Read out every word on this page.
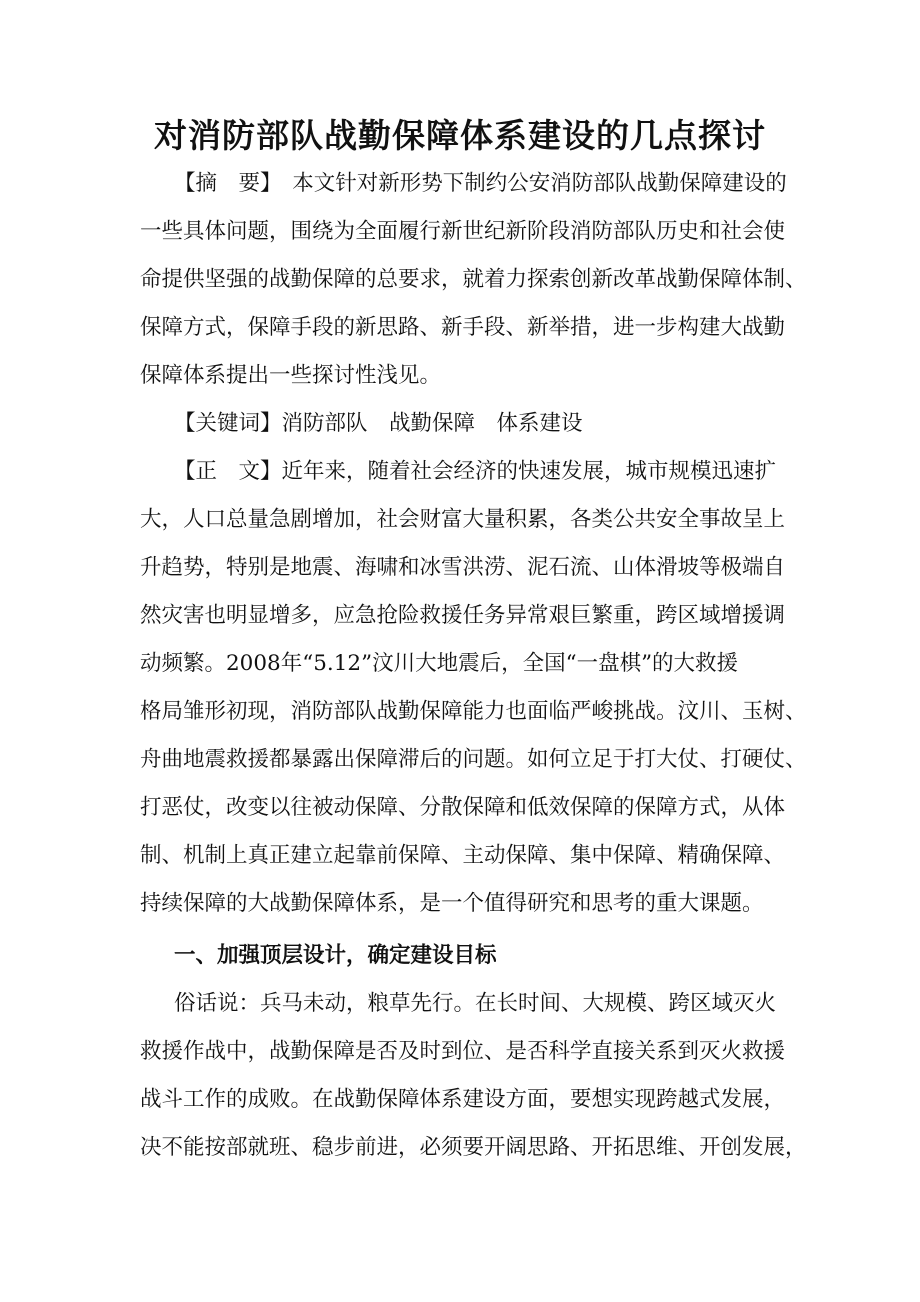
对消防部队战勤保障体系建设的几点探讨
【摘　要】　本文针对新形势下制约公安消防部队战勤保障建设的
一些具体问题，围绕为全面履行新世纪新阶段消防部队历史和社会使
命提供坚强的战勤保障的总要求，就着力探索创新改革战勤保障体制、
保障方式，保障手段的新思路、新手段、新举措，进一步构建大战勤
保障体系提出一些探讨性浅见。
【关键词】消防部队　战勤保障　体系建设
【正　文】近年来，随着社会经济的快速发展，城市规模迅速扩
大，人口总量急剧增加，社会财富大量积累，各类公共安全事故呈上
升趋势，特别是地震、海啸和冰雪洪涝、泥石流、山体滑坡等极端自
然灾害也明显增多，应急抢险救援任务异常艰巨繁重，跨区域增援调
动频繁。2008年“5.12”汶川大地震后，全国“一盘棋”的大救援
格局雏形初现，消防部队战勤保障能力也面临严峻挑战。汶川、玉树、
舟曲地震救援都暴露出保障滞后的问题。如何立足于打大仗、打硬仗、
打恶仗，改变以往被动保障、分散保障和低效保障的保障方式，从体
制、机制上真正建立起靠前保障、主动保障、集中保障、精确保障、
持续保障的大战勤保障体系，是一个值得研究和思考的重大课题。
一、加强顶层设计，确定建设目标
俗话说：兵马未动，粮草先行。在长时间、大规模、跨区域灭火
救援作战中，战勤保障是否及时到位、是否科学直接关系到灭火救援
战斗工作的成败。在战勤保障体系建设方面，要想实现跨越式发展，
决不能按部就班、稳步前进，必须要开阔思路、开拓思维、开创发展，
